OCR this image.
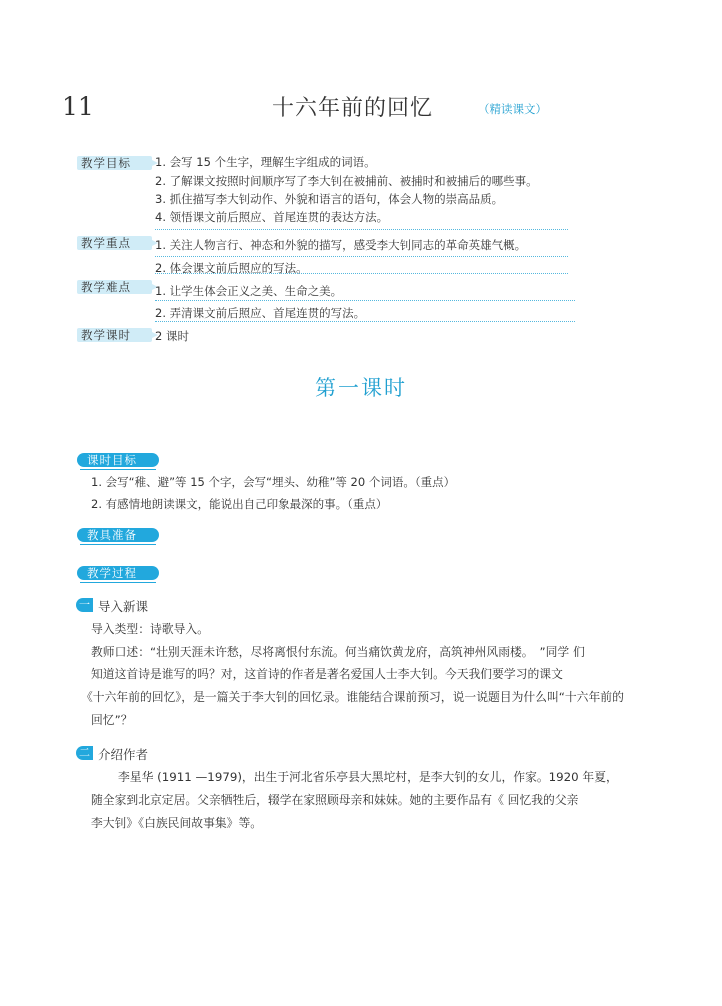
11	十六年前的回忆	（精读课文）
教学目标	1. 会写 15 个生字，理解生字组成的词语。
2. 了解课文按照时间顺序写了李大钊在被捕前、被捕时和被捕后的哪些事。
3. 抓住描写李大钊动作、外貌和语言的语句，体会人物的崇高品质。
4. 领悟课文前后照应、首尾连贯的表达方法。
教学重点	1. 关注人物言行、神态和外貌的描写，感受李大钊同志的革命英雄气概。
2. 体会课文前后照应的写法。
教学难点	1. 让学生体会正义之美、生命之美。
2. 弄清课文前后照应、首尾连贯的写法。
教学课时	2 课时
第一课时
课时目标
1. 会写“稚、避”等 15 个字，会写“埋头、幼稚”等 20 个词语。（重点）
2. 有感情地朗读课文，能说出自己印象最深的事。（重点）
教具准备
教学过程
一 导入新课
导入类型：诗歌导入。
教师口述：“壮别天涯未许愁，尽将离恨付东流。何当痛饮黄龙府，高筑神州风雨楼。　”同学 们
知道这首诗是谁写的吗？对，这首诗的作者是著名爱国人士李大钊。今天我们要学习的课文
《十六年前的回忆》，是一篇关于李大钊的回忆录。谁能结合课前预习，说一说题目为什么叫“十六年前的
回忆”？
二 介绍作者
李星华 (1911 —1979)，出生于河北省乐亭县大黑坨村，是李大钊的女儿，作家。1920 年夏，
随全家到北京定居。父亲牺牲后，辍学在家照顾母亲和妹妹。她的主要作品有《 回忆我的父亲
李大钊》《白族民间故事集》等。
